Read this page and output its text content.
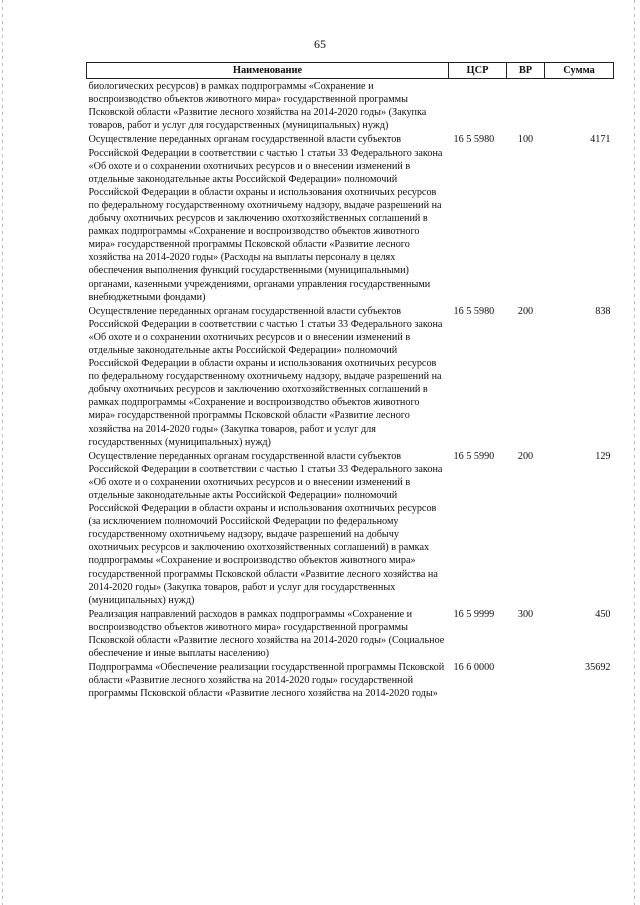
65
Наименование	ЦСР	ВР	Сумма
биологических ресурсов) в рамках подпрограммы «Сохранение и воспроизводство объектов животного мира» государственной программы Псковской области «Развитие лесного хозяйства на 2014-2020 годы» (Закупка товаров, работ и услуг для государственных (муниципальных) нужд)			
Осуществление переданных органам государственной власти субъектов Российской Федерации в соответствии с частью 1 статьи 33 Федерального закона «Об охоте и о сохранении охотничьих ресурсов и о внесении изменений в отдельные законодательные акты Российской Федерации» полномочий Российской Федерации в области охраны и использования охотничьих ресурсов по федеральному государственному охотничьему надзору, выдаче разрешений на добычу охотничьих ресурсов и заключению охотхозяйственных соглашений в рамках подпрограммы «Сохранение и воспроизводство объектов животного мира» государственной программы Псковской области «Развитие лесного хозяйства на 2014-2020 годы» (Расходы на выплаты персоналу в целях обеспечения выполнения функций государственными (муниципальными) органами, казенными учреждениями, органами управления государственными внебюджетными фондами)	16 5 5980	100	4171
Осуществление переданных органам государственной власти субъектов Российской Федерации в соответствии с частью 1 статьи 33 Федерального закона «Об охоте и о сохранении охотничьих ресурсов и о внесении изменений в отдельные законодательные акты Российской Федерации» полномочий Российской Федерации в области охраны и использования охотничьих ресурсов по федеральному государственному охотничьему надзору, выдаче разрешений на добычу охотничьих ресурсов и заключению охотхозяйственных соглашений в рамках подпрограммы «Сохранение и воспроизводство объектов животного мира» государственной программы Псковской области «Развитие лесного хозяйства на 2014-2020 годы» (Закупка товаров, работ и услуг для государственных (муниципальных) нужд)	16 5 5980	200	838
Осуществление переданных органам государственной власти субъектов Российской Федерации в соответствии с частью 1 статьи 33 Федерального закона «Об охоте и о сохранении охотничьих ресурсов и о внесении изменений в отдельные законодательные акты Российской Федерации» полномочий Российской Федерации в области охраны и использования охотничьих ресурсов (за исключением полномочий Российской Федерации по федеральному государственному охотничьему надзору, выдаче разрешений на добычу охотничьих ресурсов и заключению охотхозяйственных соглашений) в рамках подпрограммы «Сохранение и воспроизводство объектов животного мира» государственной программы Псковской области «Развитие лесного хозяйства на 2014-2020 годы» (Закупка товаров, работ и услуг для государственных (муниципальных) нужд)	16 5 5990	200	129
Реализация направлений расходов в рамках подпрограммы «Сохранение и воспроизводство объектов животного мира» государственной программы Псковской области «Развитие лесного хозяйства на 2014-2020 годы» (Социальное обеспечение и иные выплаты населению)	16 5 9999	300	450
Подпрограмма «Обеспечение реализации государственной программы Псковской области «Развитие лесного хозяйства на 2014-2020 годы» государственной программы Псковской области «Развитие лесного хозяйства на 2014-2020 годы»	16 6 0000		35692
